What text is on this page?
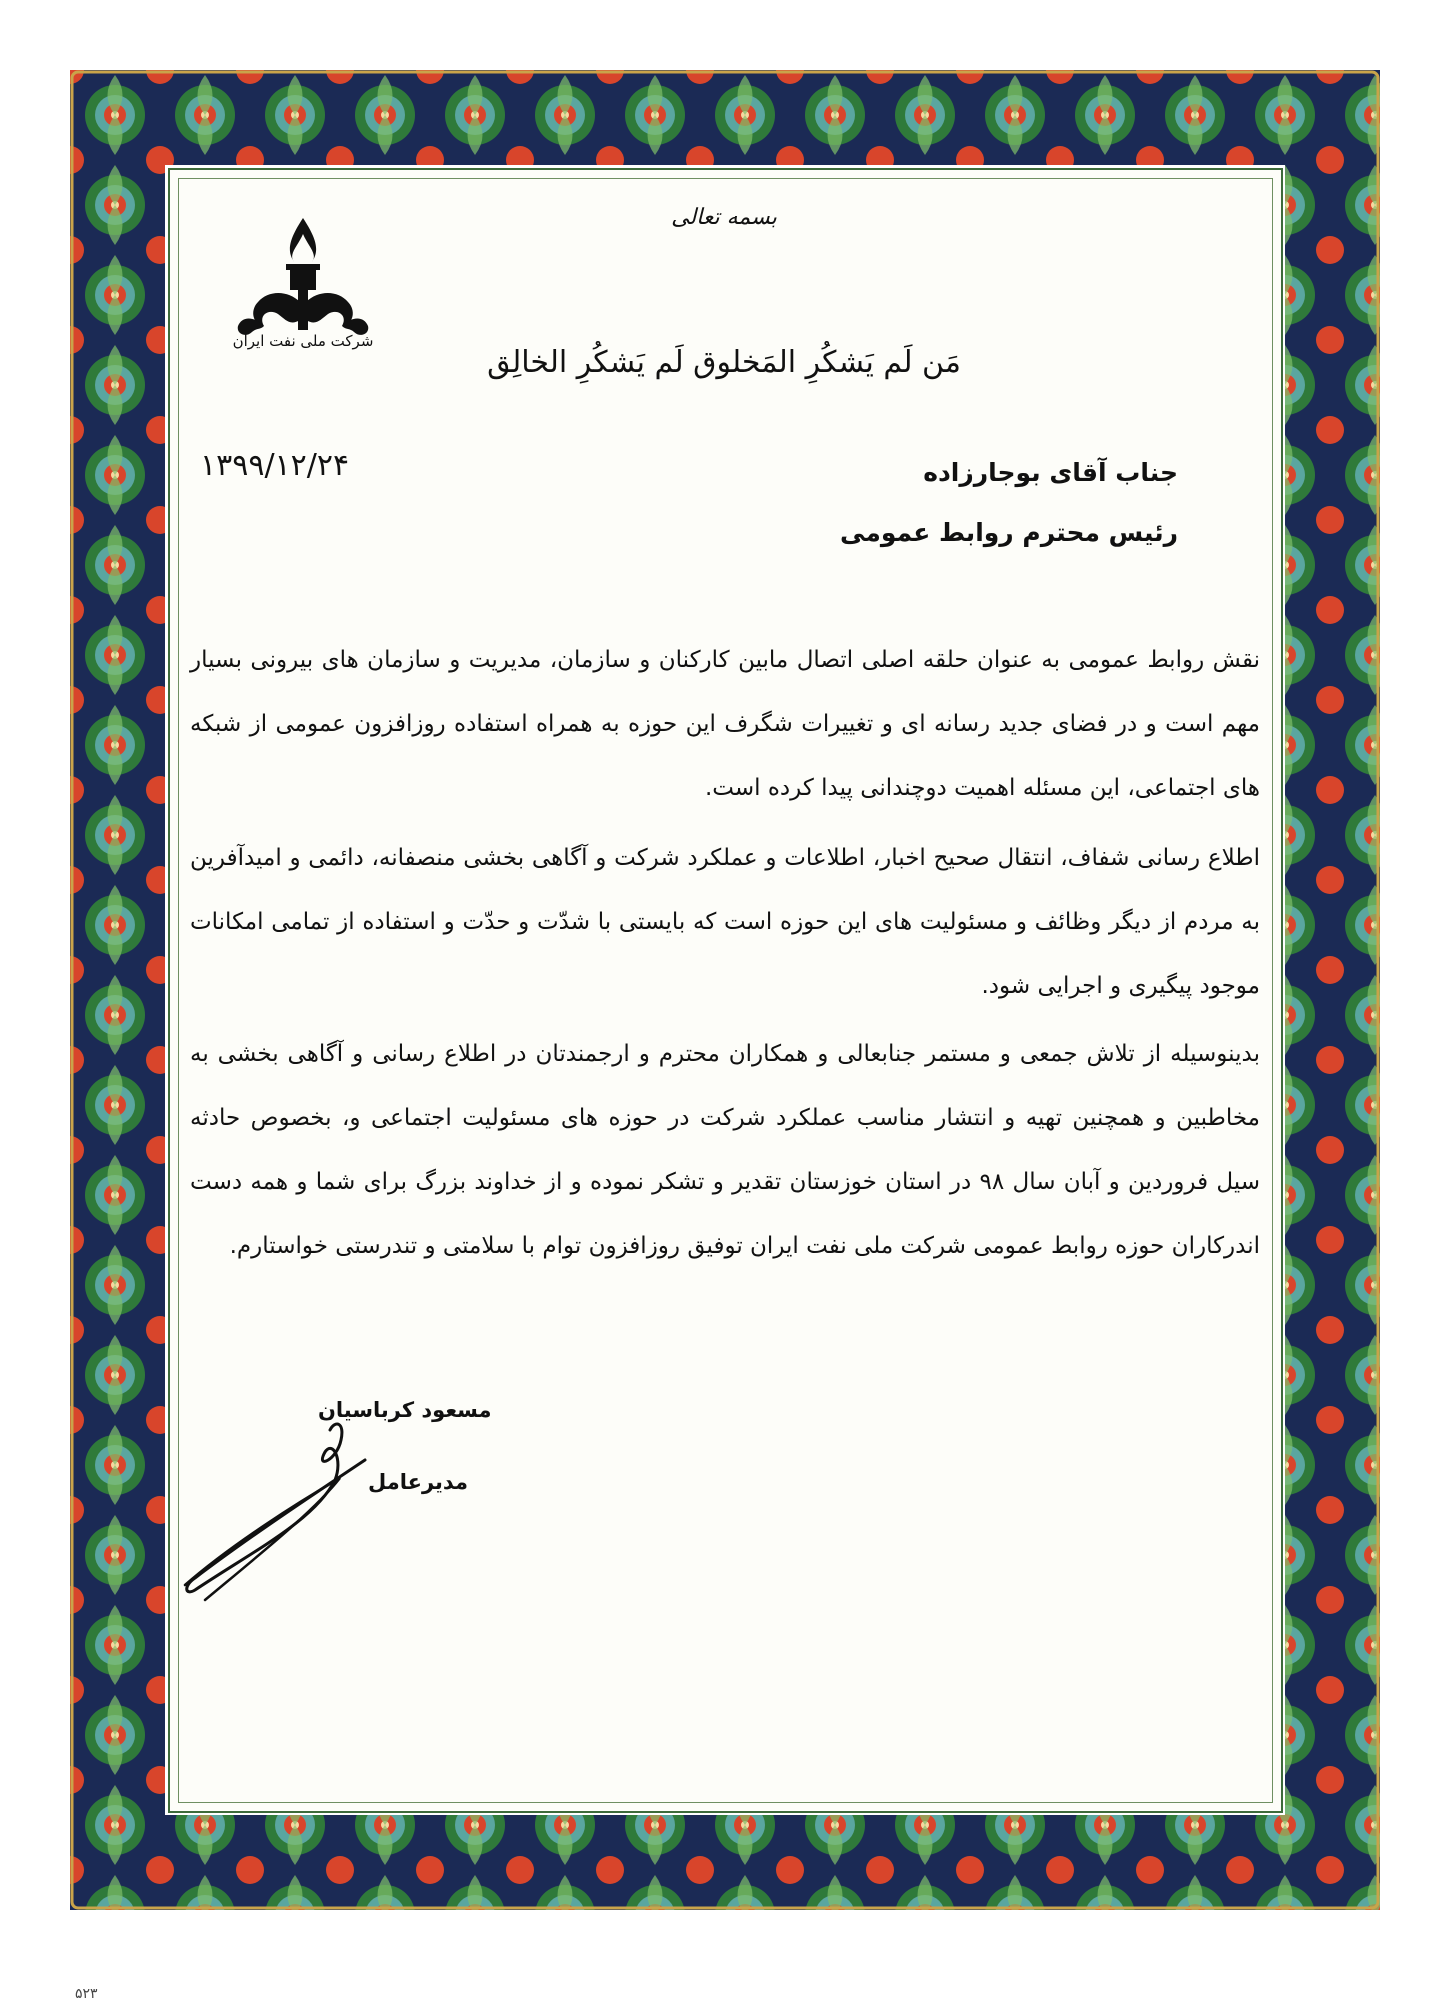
شرکت ملی نفت ایران
بسمه تعالی
مَن لَم یَشکُرِ المَخلوق لَم یَشکُرِ الخالِق
۱۳۹۹/۱۲/۲۴	جناب آقای بوجارزاده
رئیس محترم روابط عمومی
نقش روابط عمومی به عنوان حلقه اصلی اتصال مابین کارکنان و سازمان، مدیریت و سازمان های بیرونی بسیار مهم است و در فضای جدید رسانه ای و تغییرات شگرف این حوزه به همراه استفاده روزافزون عمومی از شبکه های اجتماعی، این مسئله اهمیت دوچندانی پیدا کرده است.
اطلاع رسانی شفاف، انتقال صحیح اخبار، اطلاعات و عملکرد شرکت و آگاهی بخشی منصفانه، دائمی و امیدآفرین به مردم از دیگر وظائف و مسئولیت های این حوزه است که بایستی با شدّت و حدّت و استفاده از تمامی امکانات موجود پیگیری و اجرایی شود.
بدینوسیله از تلاش جمعی و مستمر جنابعالی و همکاران محترم و ارجمندتان در اطلاع رسانی و آگاهی بخشی به مخاطبین و همچنین تهیه و انتشار مناسب عملکرد شرکت در حوزه های مسئولیت اجتماعی و، بخصوص حادثه سیل فروردین و آبان سال ۹۸ در استان خوزستان تقدیر و تشکر نموده و از خداوند بزرگ برای شما و همه دست اندرکاران حوزه روابط عمومی شرکت ملی نفت ایران توفیق روزافزون توام با سلامتی و تندرستی خواستارم.
مسعود کرباسیان
مدیرعامل
۵۲۳
